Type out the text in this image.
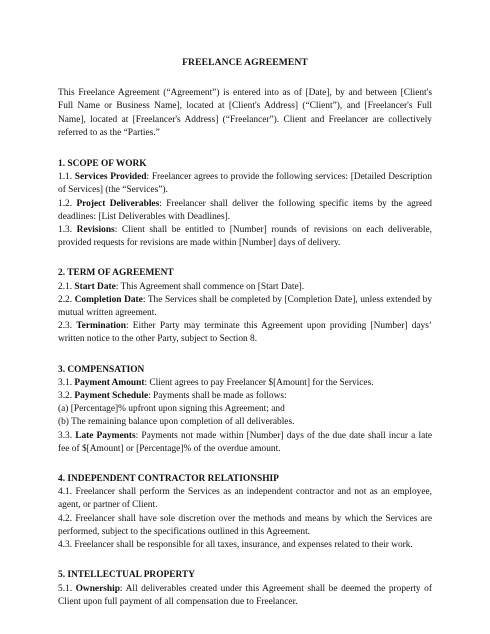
FREELANCE AGREEMENT
This Freelance Agreement (“Agreement”) is entered into as of [Date], by and between [Client's Full Name or Business Name], located at [Client's Address] (“Client”), and [Freelancer's Full Name], located at [Freelancer's Address] (“Freelancer”). Client and Freelancer are collectively referred to as the “Parties.”
1. SCOPE OF WORK
1.1. Services Provided: Freelancer agrees to provide the following services: [Detailed Description of Services] (the “Services”).
1.2. Project Deliverables: Freelancer shall deliver the following specific items by the agreed deadlines: [List Deliverables with Deadlines].
1.3. Revisions: Client shall be entitled to [Number] rounds of revisions on each deliverable, provided requests for revisions are made within [Number] days of delivery.
2. TERM OF AGREEMENT
2.1. Start Date: This Agreement shall commence on [Start Date].
2.2. Completion Date: The Services shall be completed by [Completion Date], unless extended by mutual written agreement.
2.3. Termination: Either Party may terminate this Agreement upon providing [Number] days’ written notice to the other Party, subject to Section 8.
3. COMPENSATION
3.1. Payment Amount: Client agrees to pay Freelancer $[Amount] for the Services.
3.2. Payment Schedule: Payments shall be made as follows:
(a) [Percentage]% upfront upon signing this Agreement; and
(b) The remaining balance upon completion of all deliverables.
3.3. Late Payments: Payments not made within [Number] days of the due date shall incur a late fee of $[Amount] or [Percentage]% of the overdue amount.
4. INDEPENDENT CONTRACTOR RELATIONSHIP
4.1. Freelancer shall perform the Services as an independent contractor and not as an employee, agent, or partner of Client.
4.2. Freelancer shall have sole discretion over the methods and means by which the Services are performed, subject to the specifications outlined in this Agreement.
4.3. Freelancer shall be responsible for all taxes, insurance, and expenses related to their work.
5. INTELLECTUAL PROPERTY
5.1. Ownership: All deliverables created under this Agreement shall be deemed the property of Client upon full payment of all compensation due to Freelancer.
